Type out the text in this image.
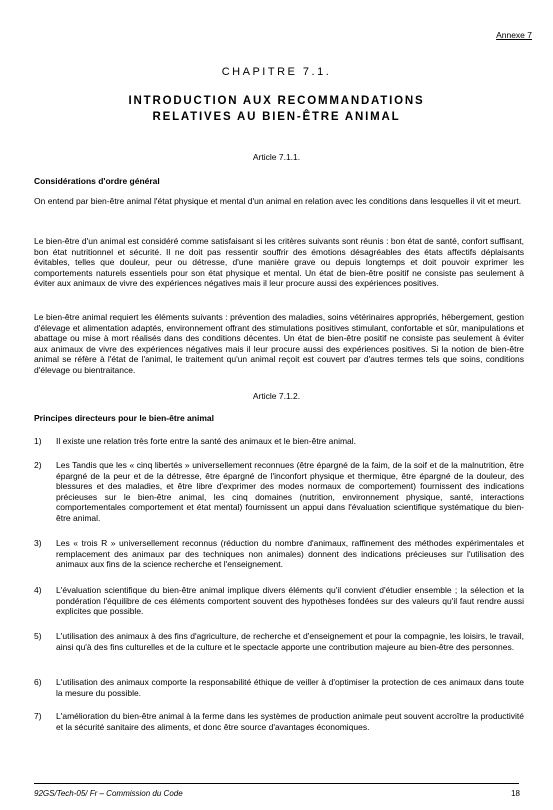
Annexe 7
CHAPITRE 7.1.
INTRODUCTION AUX RECOMMANDATIONS
RELATIVES AU BIEN-ÊTRE ANIMAL
Article 7.1.1.
Considérations d'ordre général
On entend par bien-être animal l'état physique et mental d'un animal en relation avec les conditions dans lesquelles il vit et meurt.
Le bien-être d'un animal est considéré comme satisfaisant si les critères suivants sont réunis : bon état de santé, confort suffisant, bon état nutritionnel et sécurité. Il ne doit pas ressentir souffrir des émotions désagréables des états affectifs déplaisants évitables, telles que douleur, peur ou détresse, d'une manière grave ou depuis longtemps et doit pouvoir exprimer les comportements naturels essentiels pour son état physique et mental. Un état de bien-être positif ne consiste pas seulement à éviter aux animaux de vivre des expériences négatives mais il leur procure aussi des expériences positives.
Le bien-être animal requiert les éléments suivants : prévention des maladies, soins vétérinaires appropriés, hébergement, gestion d'élevage et alimentation adaptés, environnement offrant des stimulations positives stimulant, confortable et sûr, manipulations et abattage ou mise à mort réalisés dans des conditions décentes. Un état de bien-être positif ne consiste pas seulement à éviter aux animaux de vivre des expériences négatives mais il leur procure aussi des expériences positives. Si la notion de bien-être animal se réfère à l'état de l'animal, le traitement qu'un animal reçoit est couvert par d'autres termes tels que soins, conditions d'élevage ou bientraitance.
Article 7.1.2.
Principes directeurs pour le bien-être animal
1) Il existe une relation très forte entre la santé des animaux et le bien-être animal.
2) Les Tandis que les « cinq libertés » universellement reconnues (être épargné de la faim, de la soif et de la malnutrition, être épargné de la peur et de la détresse, être épargné de l'inconfort physique et thermique, être épargné de la douleur, des blessures et des maladies, et être libre d'exprimer des modes normaux de comportement) fournissent des indications précieuses sur le bien-être animal, les cinq domaines (nutrition, environnement physique, santé, interactions comportementales comportement et état mental) fournissent un appui dans l'évaluation scientifique systématique du bien-être animal.
3) Les « trois R » universellement reconnus (réduction du nombre d'animaux, raffinement des méthodes expérimentales et remplacement des animaux par des techniques non animales) donnent des indications précieuses sur l'utilisation des animaux aux fins de la science recherche et l'enseignement.
4) L'évaluation scientifique du bien-être animal implique divers éléments qu'il convient d'étudier ensemble ; la sélection et la pondération l'équilibre de ces éléments comportent souvent des hypothèses fondées sur des valeurs qu'il faut rendre aussi explicites que possible.
5) L'utilisation des animaux à des fins d'agriculture, de recherche et d'enseignement et pour la compagnie, les loisirs, le travail, ainsi qu'à des fins culturelles et de la culture et le spectacle apporte une contribution majeure au bien-être des personnes.
6) L'utilisation des animaux comporte la responsabilité éthique de veiller à d'optimiser la protection de ces animaux dans toute la mesure du possible.
7) L'amélioration du bien-être animal à la ferme dans les systèmes de production animale peut souvent accroître la productivité et la sécurité sanitaire des aliments, et donc être source d'avantages économiques.
92GS/Tech-05/ Fr – Commission du Code	18
